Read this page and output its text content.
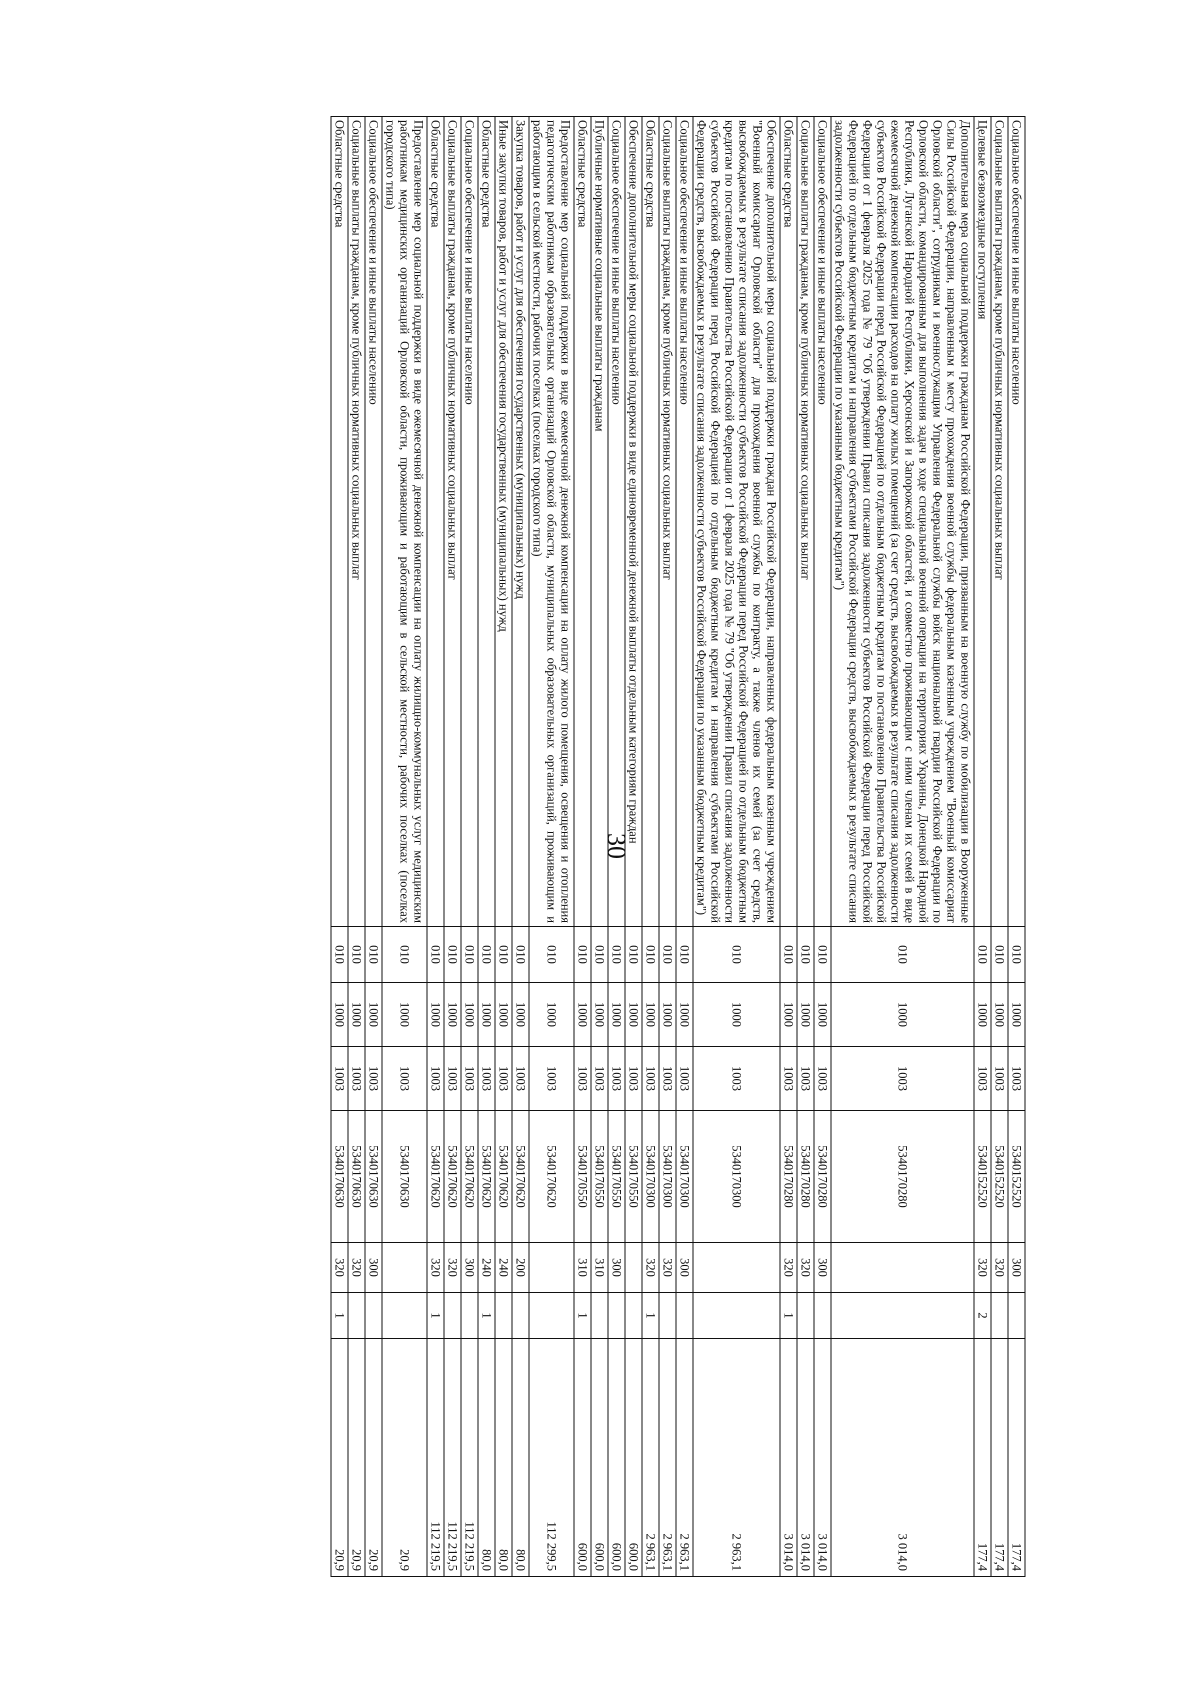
30
Социальное обеспечение и иные выплаты населению	010	1000	1003	5340152520	300		177,4
Социальные выплаты гражданам, кроме публичных нормативных социальных выплат	010	1000	1003	5340152520	320		177,4
Целевые безвозмездные поступления	010	1000	1003	5340152520	320	2	177,4
Дополнительная мера социальной поддержки гражданам Российской Федерации, призванным на военную службу по мобилизации в Вооруженные Силы Российской Федерации, направленным к месту прохождения военной службы федеральным казенным учреждением "Военный комиссариат Орловской области", сотрудникам и военнослужащим Управления Федеральной службы войск национальной гвардии Российской Федерации по Орловской области, командированным для выполнения задач в ходе специальной военной операции на территориях Украины, Донецкой Народной Республики, Луганской Народной Республики, Херсонской и Запорожской областей, и совместно проживающим с ними членам их семей в виде ежемесячной денежной компенсации расходов на оплату жилых помещений (за счет средств, высвобождаемых в результате списания задолженности субъектов Российской Федерации перед Российской Федерацией по отдельным бюджетным кредитам по постановлению Правительства Российской Федерации от 1 февраля 2025 года № 79 "Об утверждении Правил списания задолженности субъектов Российской Федерации перед Российской Федерацией по отдельным бюджетным кредитам и направления субъектами Российской Федерации средств, высвобождаемых в результате списания задолженности субъектов Российской Федерации по указанным бюджетным кредитам")	010	1000	1003	5340170280			3 014,0
Социальное обеспечение и иные выплаты населению	010	1000	1003	5340170280	300		3 014,0
Социальные выплаты гражданам, кроме публичных нормативных социальных выплат	010	1000	1003	5340170280	320		3 014,0
Областные средства	010	1000	1003	5340170280	320	1	3 014,0
Обеспечение дополнительной меры социальной поддержки граждан Российской Федерации, направленных федеральным казенным учреждением "Военный комиссариат Орловской области" для прохождения военной службы по контракту, а также членов их семей (за счет средств, высвобождаемых в результате списания задолженности субъектов Российской Федерации перед Российской Федерацией по отдельным бюджетным кредитам по постановлению Правительства Российской Федерации от 1 февраля 2025 года № 79 "Об утверждении Правил списания задолженности субъектов Российской Федерации перед Российской Федерацией по отдельным бюджетным кредитам и направления субъектами Российской Федерации средств, высвобождаемых в результате списания задолженности субъектов Российской Федерации по указанным бюджетным кредитам")	010	1000	1003	5340170300			2 963,1
Социальное обеспечение и иные выплаты населению	010	1000	1003	5340170300	300		2 963,1
Социальные выплаты гражданам, кроме публичных нормативных социальных выплат	010	1000	1003	5340170300	320		2 963,1
Областные средства	010	1000	1003	5340170300	320	1	2 963,1
Обеспечение дополнительной меры социальной поддержки в виде единовременной денежной выплаты отдельным категориям граждан	010	1000	1003	5340170550			600,0
Социальное обеспечение и иные выплаты населению	010	1000	1003	5340170550	300		600,0
Публичные нормативные социальные выплаты гражданам	010	1000	1003	5340170550	310		600,0
Областные средства	010	1000	1003	5340170550	310	1	600,0
Предоставление мер социальной поддержки в виде ежемесячной денежной компенсации на оплату жилого помещения, освещения и отопления педагогическим работникам образовательных организаций Орловской области, муниципальных образовательных организаций, проживающим и работающим в сельской местности, рабочих поселках (поселках городского типа)	010	1000	1003	5340170620			112 299,5
Закупка товаров, работ и услуг для обеспечения государственных (муниципальных) нужд	010	1000	1003	5340170620	200		80,0
Иные закупки товаров, работ и услуг для обеспечения государственных (муниципальных) нужд	010	1000	1003	5340170620	240		80,0
Областные средства	010	1000	1003	5340170620	240	1	80,0
Социальное обеспечение и иные выплаты населению	010	1000	1003	5340170620	300		112 219,5
Социальные выплаты гражданам, кроме публичных нормативных социальных выплат	010	1000	1003	5340170620	320		112 219,5
Областные средства	010	1000	1003	5340170620	320	1	112 219,5
Предоставление мер социальной поддержки в виде ежемесячной денежной компенсации на оплату жилищно-коммунальных услуг медицинским работникам медицинских организаций Орловской области, проживающим и работающим в сельской местности, рабочих поселках (поселках городского типа)	010	1000	1003	5340170630			20,9
Социальное обеспечение и иные выплаты населению	010	1000	1003	5340170630	300		20,9
Социальные выплаты гражданам, кроме публичных нормативных социальных выплат	010	1000	1003	5340170630	320		20,9
Областные средства	010	1000	1003	5340170630	320	1	20,9
